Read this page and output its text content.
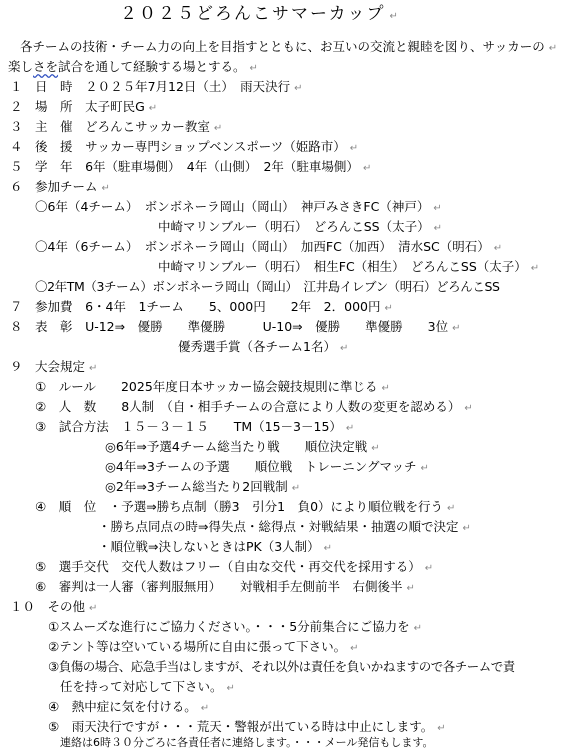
２０２５どろんこサマーカップ ↵
各チームの技術・チーム力の向上を目指すとともに、お互いの交流と親睦を図り、サッカーの ↵
楽しさを試合を通して経験する場とする。 ↵
１　 日　時　 ２０２５年7月12日（土）　雨天決行 ↵
２　 場　所　 太子町民G ↵
３　 主　催　 どろんこサッカー教室 ↵
４　 後　援　 サッカー専門ショップベンスポーツ（姫路市） ↵
５　 学　年　 6年（駐車場側）　4年（山側）　2年（駐車場側） ↵
６　 参加チーム ↵
〇6年（4チーム）　ボンボネーラ岡山（岡山）　神戸みさきFC（神戸） ↵
中崎マリンブルー（明石）　どろんこSS（太子） ↵
〇4年（6チーム）　ボンボネーラ岡山（岡山）　加西FC（加西）　清水SC（明石） ↵
中崎マリンブルー（明石）　相生FC（相生）　どろんこSS（太子） ↵
〇2年TM（3チーム）ボンボネーラ岡山（岡山）　江井島イレブン（明石）どろんこSS
７　 参加費　 6・4年　1チーム　　5、000円　　2年　2．000円 ↵
８　 表　彰　 U-12⇒　優勝　　準優勝　　　U-10⇒　優勝　　準優勝　　3位 ↵
優秀選手賞（各チーム1名） ↵
９　 大会規定 ↵
①　ルール　　2025年度日本サッカー協会競技規則に準じる ↵
②　人　数　　8人制　（自・相手チームの合意により人数の変更を認める） ↵
③　試合方法　１５－３－１５　　TM（15－3－15） ↵
◎6年⇒予選4チーム総当たり戦　　順位決定戦 ↵
◎4年⇒3チームの予選　　順位戦　トレーニングマッチ ↵
◎2年⇒3チーム総当たり2回戦制 ↵
④　順　位　・予選⇒勝ち点制（勝3　引分1　負0）により順位戦を行う ↵
・勝ち点同点の時⇒得失点・総得点・対戦結果・抽選の順で決定 ↵
・順位戦⇒決しないときはPK（3人制） ↵
⑤　選手交代　交代人数はフリー（自由な交代・再交代を採用する） ↵
⑥　審判は一人審（審判服無用）　　対戦相手左側前半　右側後半 ↵
１０　 その他 ↵
①スムーズな進行にご協力ください。・・・5分前集合にご協力を ↵
②テント等は空いている場所に自由に張って下さい。 ↵
③負傷の場合、応急手当はしますが、それ以外は責任を負いかねますので各チームで責
任を持って対応して下さい。 ↵
④　熱中症に気を付ける。 ↵
⑤　雨天決行ですが・・・荒天・警報が出ている時は中止にします。 ↵
連絡は6時３０分ごろに各責任者に連絡します。・・・メール発信もします。
